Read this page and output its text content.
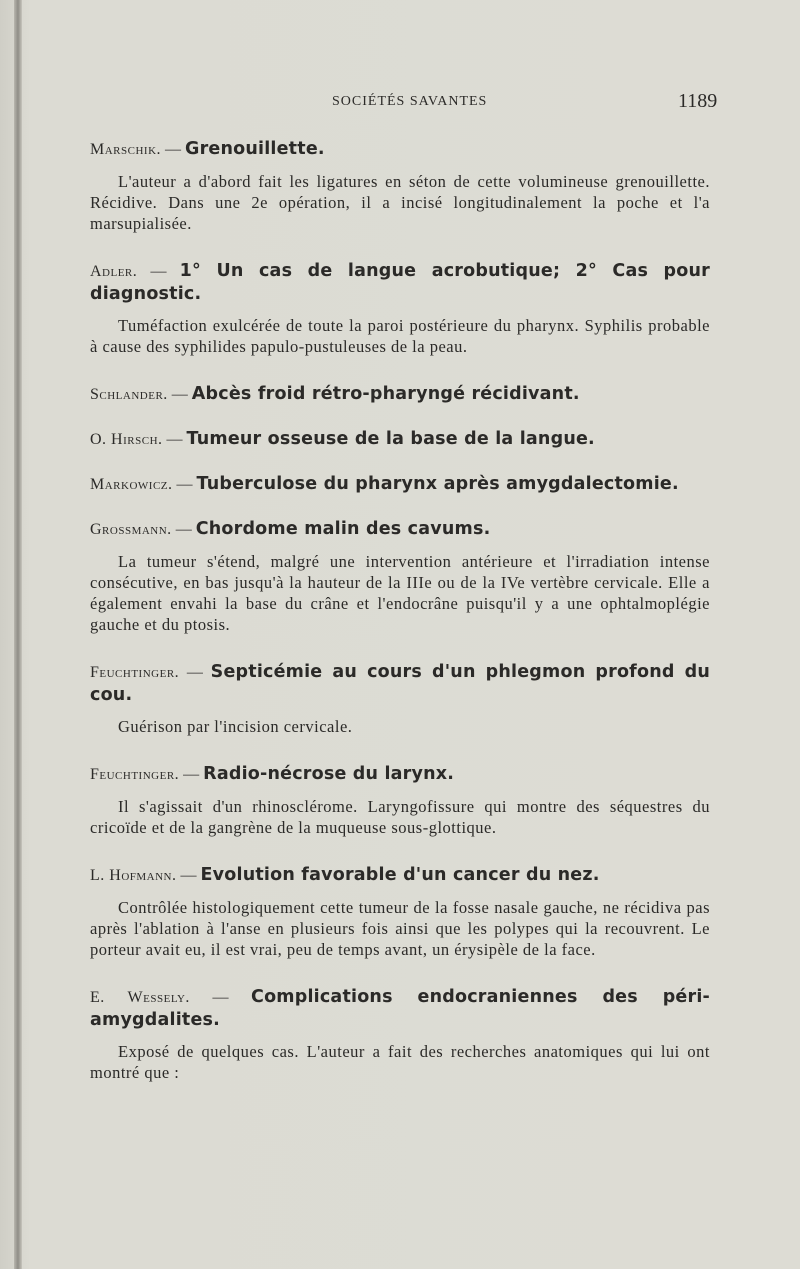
SOCIÉTÉS SAVANTES	1189

Marschik. — Grenouillette.

L'auteur a d'abord fait les ligatures en séton de cette volumineuse grenouillette. Récidive. Dans une 2e opération, il a incisé longitudinalement la poche et l'a marsupialisée.

Adler. — 1° Un cas de langue acrobutique; 2° Cas pour diagnostic.

Tuméfaction exulcérée de toute la paroi postérieure du pharynx. Syphilis probable à cause des syphilides papulo-pustuleuses de la peau.

Schlander. — Abcès froid rétro-pharyngé récidivant.

O. Hirsch. — Tumeur osseuse de la base de la langue.

Markowicz. — Tuberculose du pharynx après amygdalectomie.

Grossmann. — Chordome malin des cavums.

La tumeur s'étend, malgré une intervention antérieure et l'irradiation intense consécutive, en bas jusqu'à la hauteur de la IIIe ou de la IVe vertèbre cervicale. Elle a également envahi la base du crâne et l'endocrâne puisqu'il y a une ophtalmoplégie gauche et du ptosis.

Feuchtinger. — Septicémie au cours d'un phlegmon profond du cou.

Guérison par l'incision cervicale.

Feuchtinger. — Radio-nécrose du larynx.

Il s'agissait d'un rhinosclérome. Laryngofissure qui montre des séquestres du cricoïde et de la gangrène de la muqueuse sous-glottique.

L. Hofmann. — Evolution favorable d'un cancer du nez.

Contrôlée histologiquement cette tumeur de la fosse nasale gauche, ne récidiva pas après l'ablation à l'anse en plusieurs fois ainsi que les polypes qui la recouvrent. Le porteur avait eu, il est vrai, peu de temps avant, un érysipèle de la face.

E. Wessely. — Complications endocraniennes des péri-amygdalites.

Exposé de quelques cas. L'auteur a fait des recherches anatomiques qui lui ont montré que :
